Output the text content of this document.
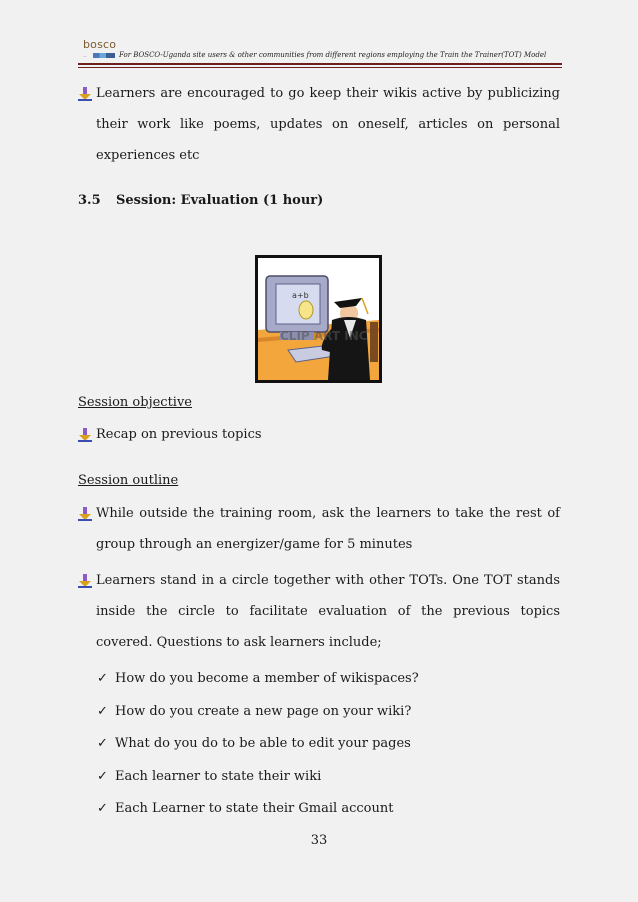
bosco
..	For BOSCO-Uganda site users & other communities from different regions employing the Train the Trainer(TOT) Model
Learners are encouraged to go keep their wikis active by publicizing their work like poems, updates on oneself, articles on personal experiences etc
3.5 Session: Evaluation (1 hour)
a+b
CLIP ART INC
Session objective
Recap on previous topics
Session outline
While outside the training room, ask the learners to take the rest of group through an energizer/game for 5 minutes
Learners stand in a circle together with other TOTs. One TOT stands inside the circle to facilitate evaluation of the previous topics covered. Questions to ask learners include;
✓ How do you become a member of wikispaces?
✓ How do you create a new page on your wiki?
✓ What do you do to be able to edit your pages
✓ Each learner to state their wiki
✓ Each Learner to state their Gmail account
33
